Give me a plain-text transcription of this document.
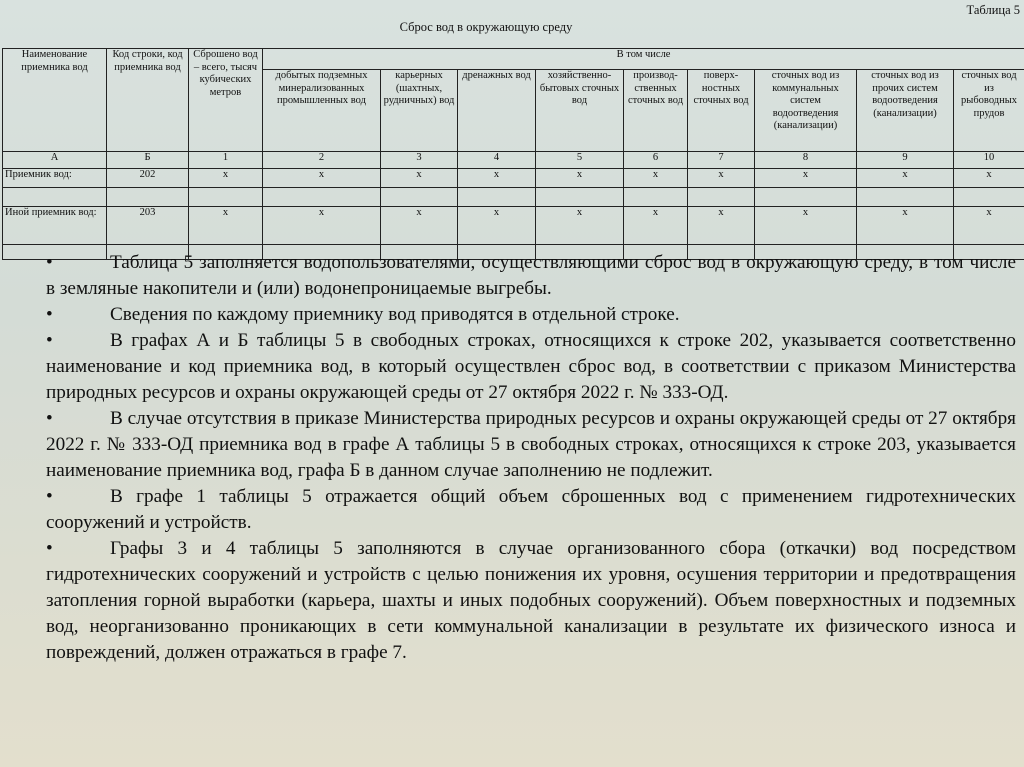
Таблица 5
Сброс вод в окружающую среду
Наименование приемника вод	Код строки, код приемника вод	Сброшено вод – всего, тысяч кубических метров	В том числе								
			добытых подземных минерализованных промышленных вод	карьерных (шахтных, рудничных) вод	дренажных вод	хозяйственно-бытовых сточных вод	производ-ственных сточных вод	поверх-ностных сточных вод	сточных вод из коммунальных систем водоотведения (канализации)	сточных вод из прочих систем водоотведения (канализации)	сточных вод из рыбоводных прудов
А	Б	1	2	3	4	5	6	7	8	9	10
Приемник вод:	202	x	x	x	x	x	x	x	x	x	x

Иной приемник вод:	203	x	x	x	x	x	x	x	x	x	x

•	Таблица 5 заполняется водопользователями, осуществляющими сброс вод в окружающую среду, в том числе в земляные накопители и (или) водонепроницаемые выгребы.

•	Сведения по каждому приемнику вод приводятся в отдельной строке.

•	В графах А и Б таблицы 5 в свободных строках, относящихся к строке 202, указывается соответственно наименование и код приемника вод, в который осуществлен сброс вод, в соответствии с приказом Министерства природных ресурсов и охраны окружающей среды от 27 октября 2022 г. № 333-ОД.

•	В случае отсутствия в приказе Министерства природных ресурсов и охраны окружающей среды от 27 октября 2022 г. № 333-ОД приемника вод в графе А таблицы 5 в свободных строках, относящихся к строке 203, указывается наименование приемника вод, графа Б в данном случае заполнению не подлежит.

•	В графе 1 таблицы 5 отражается общий объем сброшенных вод с применением гидротехнических сооружений и устройств.

•	Графы 3 и 4 таблицы 5 заполняются в случае организованного сбора (откачки) вод посредством гидротехнических сооружений и устройств с целью понижения их уровня, осушения территории и предотвращения затопления горной выработки (карьера, шахты и иных подобных сооружений). Объем поверхностных и подземных вод, неорганизованно проникающих в сети коммунальной канализации в результате их физического износа и повреждений, должен отражаться в графе 7.
